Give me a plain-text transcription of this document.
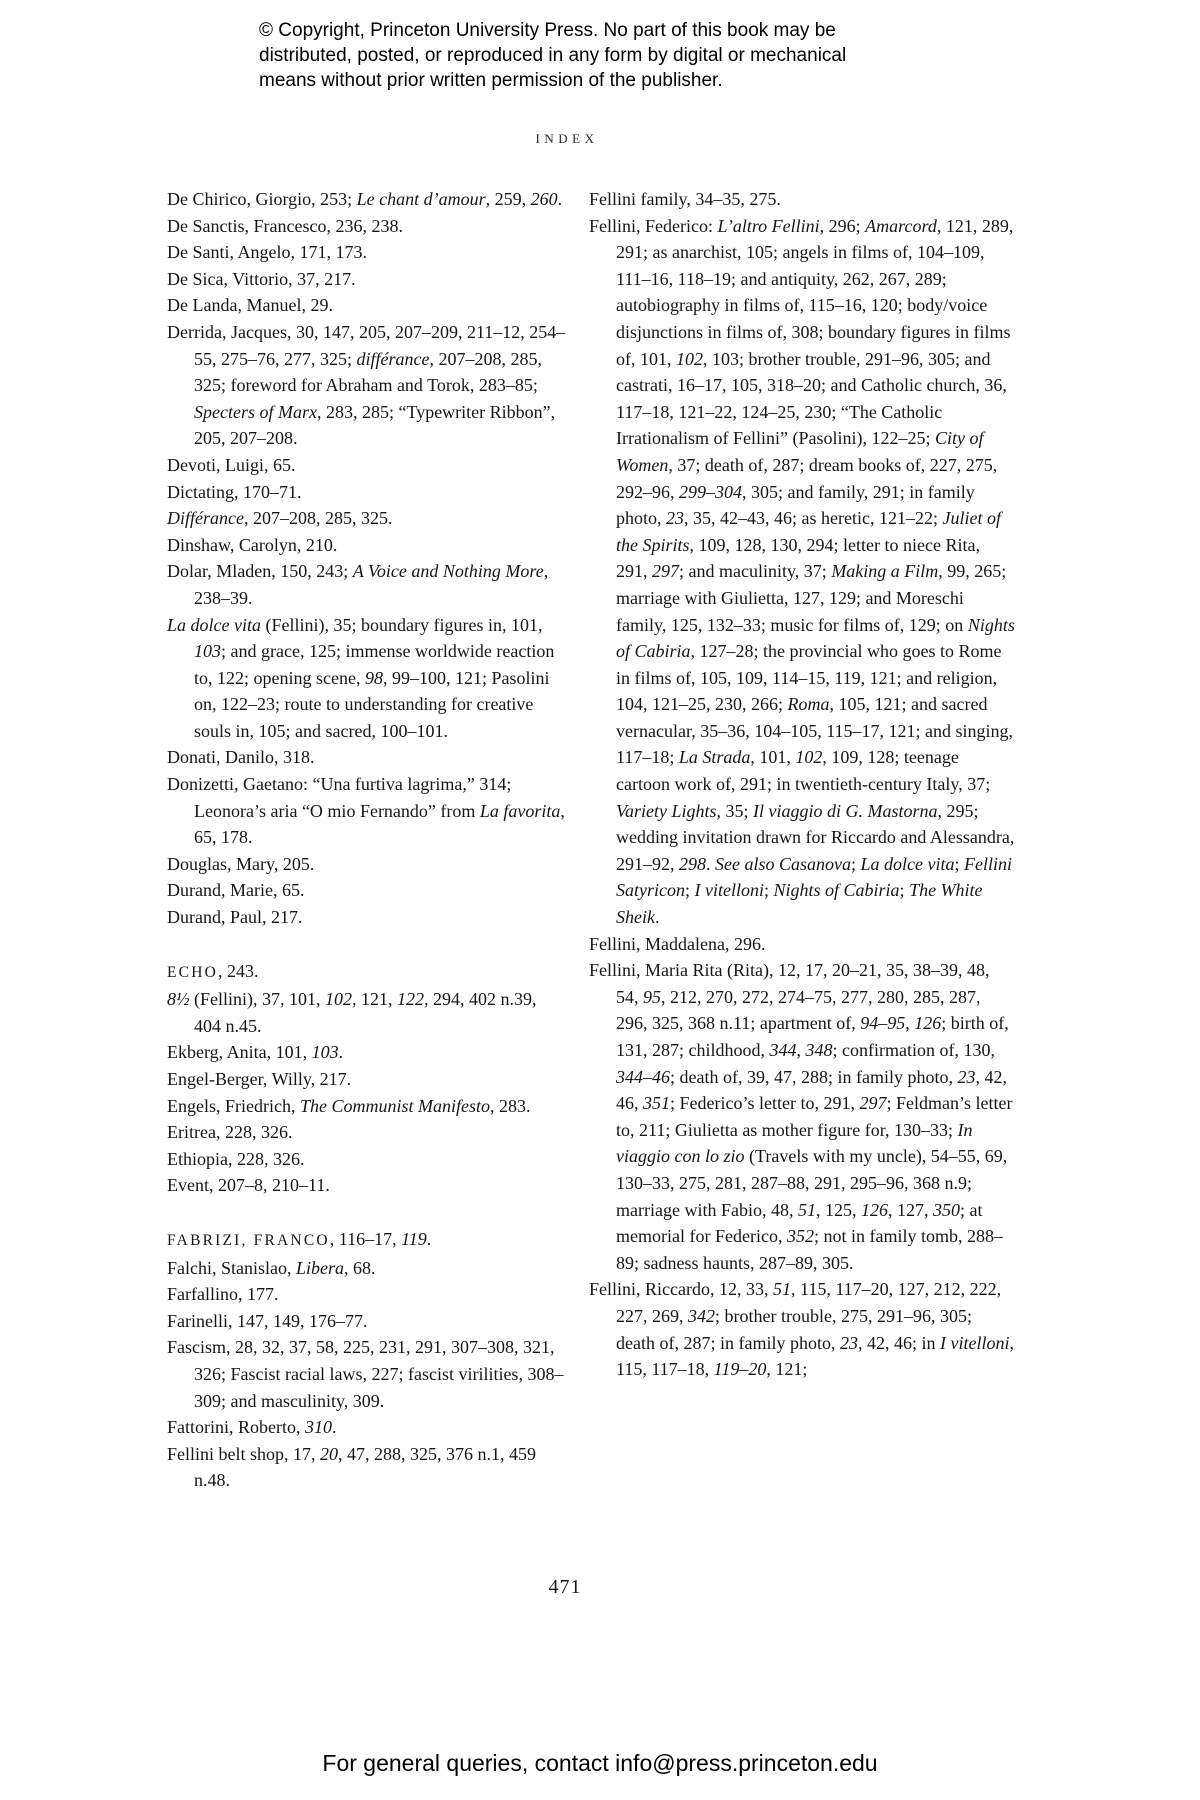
© Copyright, Princeton University Press. No part of this book may be
distributed, posted, or reproduced in any form by digital or mechanical
means without prior written permission of the publisher.
INDEX

De Chirico, Giorgio, 253; Le chant d’amour, 259, 260.

De Sanctis, Francesco, 236, 238.

De Santi, Angelo, 171, 173.

De Sica, Vittorio, 37, 217.

De Landa, Manuel, 29.

Derrida, Jacques, 30, 147, 205, 207–209, 211–12, 254–55, 275–76, 277, 325; différance, 207–208, 285, 325; foreword for Abraham and Torok, 283–85; Specters of Marx, 283, 285; “Typewriter Ribbon”, 205, 207–208.

Devoti, Luigi, 65.

Dictating, 170–71.

Différance, 207–208, 285, 325.

Dinshaw, Carolyn, 210.

Dolar, Mladen, 150, 243; A Voice and Nothing More, 238–39.

La dolce vita (Fellini), 35; boundary figures in, 101, 103; and grace, 125; immense worldwide reaction to, 122; opening scene, 98, 99–100, 121; Pasolini on, 122–23; route to understanding for creative souls in, 105; and sacred, 100–101.

Donati, Danilo, 318.

Donizetti, Gaetano: “Una furtiva lagrima,” 314; Leonora’s aria “O mio Fernando” from La favorita, 65, 178.

Douglas, Mary, 205.

Durand, Marie, 65.

Durand, Paul, 217.

ECHO, 243.

8½ (Fellini), 37, 101, 102, 121, 122, 294, 402 n.39, 404 n.45.

Ekberg, Anita, 101, 103.

Engel-Berger, Willy, 217.

Engels, Friedrich, The Communist Manifesto, 283.

Eritrea, 228, 326.

Ethiopia, 228, 326.

Event, 207–8, 210–11.

FABRIZI, FRANCO, 116–17, 119.

Falchi, Stanislao, Libera, 68.

Farfallino, 177.

Farinelli, 147, 149, 176–77.

Fascism, 28, 32, 37, 58, 225, 231, 291, 307–308, 321, 326; Fascist racial laws, 227; fascist virilities, 308–309; and masculinity, 309.

Fattorini, Roberto, 310.

Fellini belt shop, 17, 20, 47, 288, 325, 376 n.1, 459 n.48.

Fellini family, 34–35, 275.

Fellini, Federico: L’altro Fellini, 296; Amarcord, 121, 289, 291; as anarchist, 105; angels in films of, 104–109, 111–16, 118–19; and antiquity, 262, 267, 289; autobiography in films of, 115–16, 120; body/voice disjunctions in films of, 308; boundary figures in films of, 101, 102, 103; brother trouble, 291–96, 305; and castrati, 16–17, 105, 318–20; and Catholic church, 36, 117–18, 121–22, 124–25, 230; “The Catholic Irrationalism of Fellini” (Pasolini), 122–25; City of Women, 37; death of, 287; dream books of, 227, 275, 292–96, 299–304, 305; and family, 291; in family photo, 23, 35, 42–43, 46; as heretic, 121–22; Juliet of the Spirits, 109, 128, 130, 294; letter to niece Rita, 291, 297; and maculinity, 37; Making a Film, 99, 265; marriage with Giulietta, 127, 129; and Moreschi family, 125, 132–33; music for films of, 129; on Nights of Cabiria, 127–28; the provincial who goes to Rome in films of, 105, 109, 114–15, 119, 121; and religion, 104, 121–25, 230, 266; Roma, 105, 121; and sacred vernacular, 35–36, 104–105, 115–17, 121; and singing, 117–18; La Strada, 101, 102, 109, 128; teenage cartoon work of, 291; in twentieth-century Italy, 37; Variety Lights, 35; Il viaggio di G. Mastorna, 295; wedding invitation drawn for Riccardo and Alessandra, 291–92, 298. See also Casanova; La dolce vita; Fellini Satyricon; I vitelloni; Nights of Cabiria; The White Sheik.

Fellini, Maddalena, 296.

Fellini, Maria Rita (Rita), 12, 17, 20–21, 35, 38–39, 48, 54, 95, 212, 270, 272, 274–75, 277, 280, 285, 287, 296, 325, 368 n.11; apartment of, 94–95, 126; birth of, 131, 287; childhood, 344, 348; confirmation of, 130, 344–46; death of, 39, 47, 288; in family photo, 23, 42, 46, 351; Federico’s letter to, 291, 297; Feldman’s letter to, 211; Giulietta as mother figure for, 130–33; In viaggio con lo zio (Travels with my uncle), 54–55, 69, 130–33, 275, 281, 287–88, 291, 295–96, 368 n.9; marriage with Fabio, 48, 51, 125, 126, 127, 350; at memorial for Federico, 352; not in family tomb, 288–89; sadness haunts, 287–89, 305.

Fellini, Riccardo, 12, 33, 51, 115, 117–20, 127, 212, 222, 227, 269, 342; brother trouble, 275, 291–96, 305; death of, 287; in family photo, 23, 42, 46; in I vitelloni, 115, 117–18, 119–20, 121;

471
For general queries, contact info@press.princeton.edu
